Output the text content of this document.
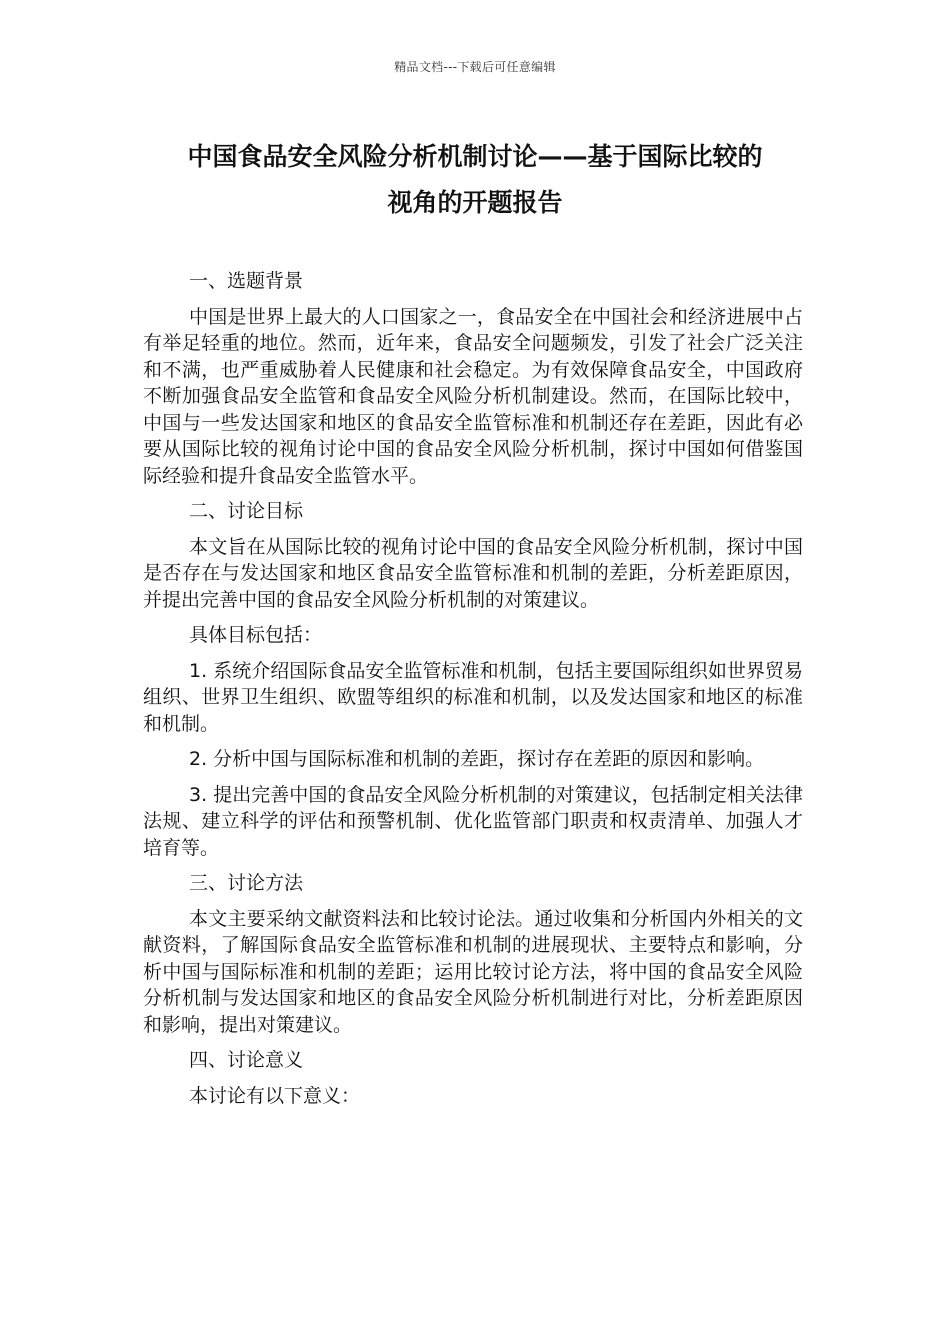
精品文档---下载后可任意编辑
中国食品安全风险分析机制讨论——基于国际比较的
视角的开题报告

一、选题背景

中国是世界上最大的人口国家之一，食品安全在中国社会和经济进展中占有举足轻重的地位。然而，近年来，食品安全问题频发，引发了社会广泛关注和不满，也严重威胁着人民健康和社会稳定。为有效保障食品安全，中国政府不断加强食品安全监管和食品安全风险分析机制建设。然而，在国际比较中，中国与一些发达国家和地区的食品安全监管标准和机制还存在差距，因此有必要从国际比较的视角讨论中国的食品安全风险分析机制，探讨中国如何借鉴国际经验和提升食品安全监管水平。

二、讨论目标

本文旨在从国际比较的视角讨论中国的食品安全风险分析机制，探讨中国是否存在与发达国家和地区食品安全监管标准和机制的差距，分析差距原因，并提出完善中国的食品安全风险分析机制的对策建议。

具体目标包括：

1. 系统介绍国际食品安全监管标准和机制，包括主要国际组织如世界贸易组织、世界卫生组织、欧盟等组织的标准和机制，以及发达国家和地区的标准和机制。

2. 分析中国与国际标准和机制的差距，探讨存在差距的原因和影响。

3. 提出完善中国的食品安全风险分析机制的对策建议，包括制定相关法律法规、建立科学的评估和预警机制、优化监管部门职责和权责清单、加强人才培育等。

三、讨论方法

本文主要采纳文献资料法和比较讨论法。通过收集和分析国内外相关的文献资料，了解国际食品安全监管标准和机制的进展现状、主要特点和影响，分析中国与国际标准和机制的差距；运用比较讨论方法，将中国的食品安全风险分析机制与发达国家和地区的食品安全风险分析机制进行对比，分析差距原因和影响，提出对策建议。

四、讨论意义

本讨论有以下意义：
